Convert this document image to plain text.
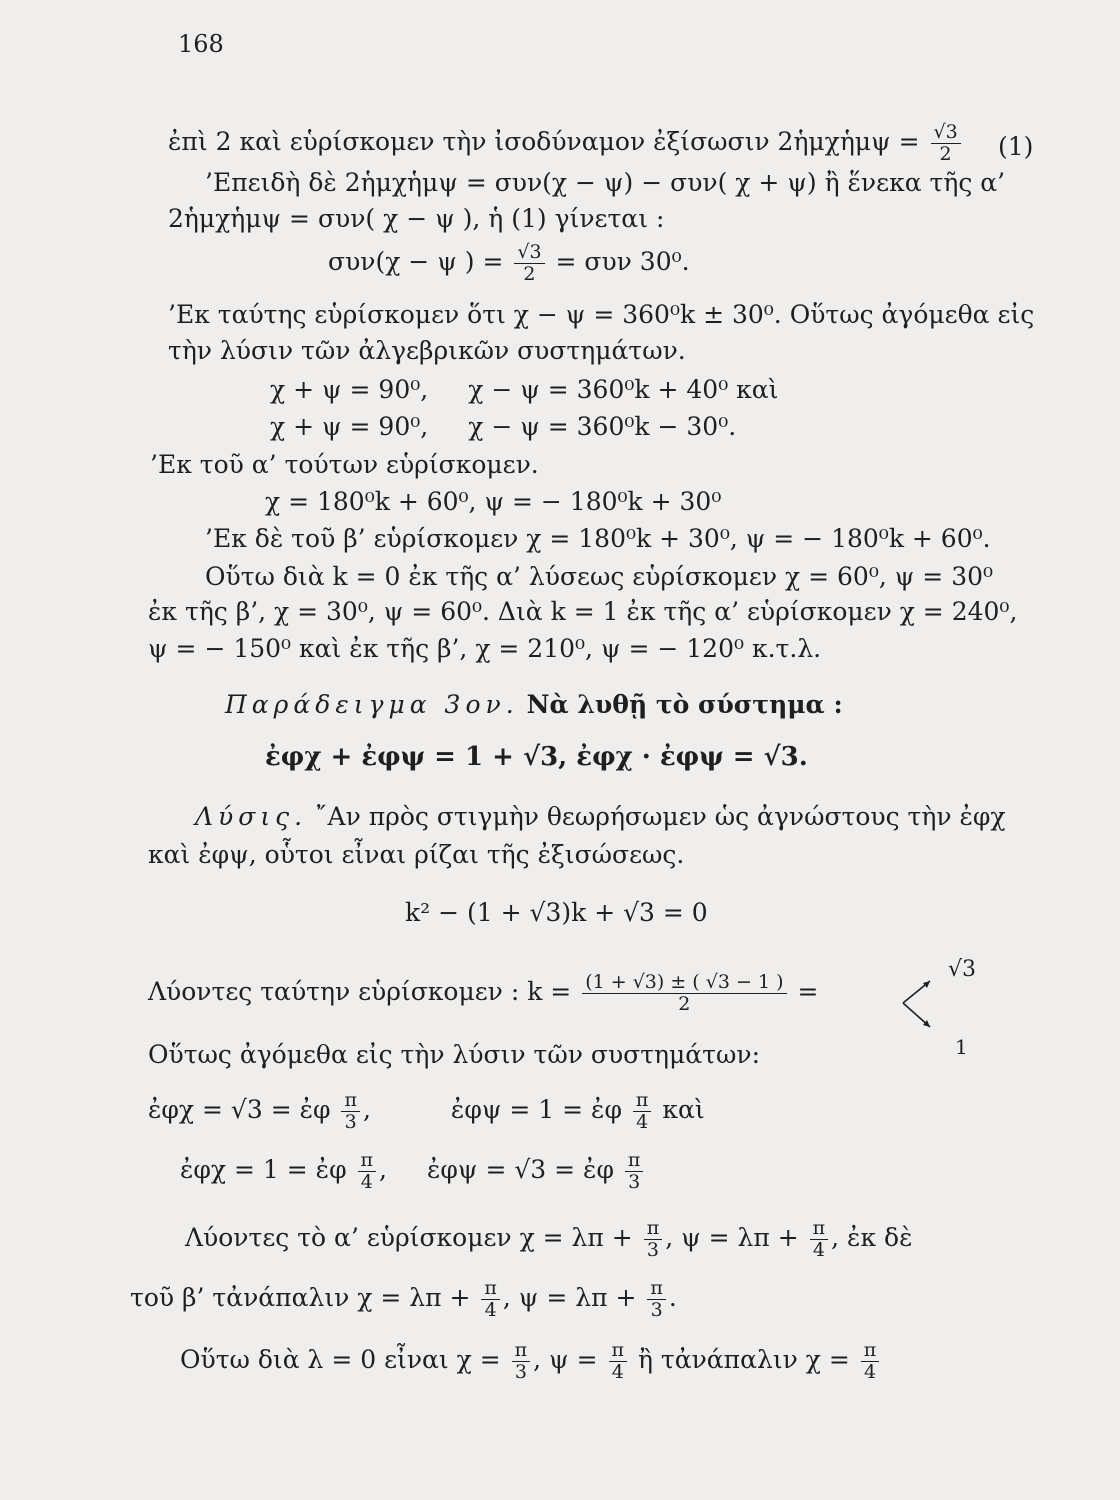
168
ἐπὶ 2 καὶ εὑρίσκομεν τὴν ἰσοδύναμον ἐξίσωσιν 2ἡμχἡμψ = $\frac{√3}{2} (1)$
’Επειδὴ δὲ 2ἡμχἡμψ = συν(χ − ψ) − συν( χ + ψ) ἢ ἕνεκα τῆς α’
2ἡμχἡμψ = συν( χ − ψ ), ἡ (1) γίνεται :
συν(χ − ψ ) = $\frac{√3}{2} = \sigma\upsilon\nu$ 30⁰.
’Εκ ταύτης εὑρίσκομεν ὅτι χ − ψ = 360⁰k ± 30⁰. Οὕτως ἀγόμεθα εἰς
τὴν λύσιν τῶν ἀλγεβρικῶν συστημάτων.
χ + ψ = 90⁰, χ − ψ = 360⁰k + 40⁰ καὶ
χ + ψ = 90⁰, χ − ψ = 360⁰k − 30⁰.
’Εκ τοῦ α’ τούτων εὑρίσκομεν.
χ = 180⁰k + 60⁰, ψ = − 180⁰k + 30⁰
’Εκ δὲ τοῦ β’ εὑρίσκομεν χ = 180⁰k + 30⁰, ψ = − 180⁰k + 60⁰.
Οὕτω διὰ k = 0 ἐκ τῆς α’ λύσεως εὑρίσκομεν χ = 60⁰, ψ = 30⁰
ἐκ τῆς β’, χ = 30⁰, ψ = 60⁰. Διὰ k = 1 ἐκ τῆς α’ εὑρίσκομεν χ = 240⁰,
ψ = − 150⁰ καὶ ἐκ τῆς β’, χ = 210⁰, ψ = − 120⁰ κ.τ.λ.
Παράδειγμα 3ον. Νὰ λυθῇ τὸ σύστημα :
ἐφχ + ἐφψ = 1 + √3, ἐφχ · ἐφψ = √3.
Λύσις. ῎Αν πρὸς στιγμὴν θεωρήσωμεν ὡς ἀγνώστους τὴν ἐφχ
καὶ ἐφψ, οὗτοι εἶναι ρίζαι τῆς ἐξισώσεως.
k² − (1 + √3)k + √3 = 0
Λύοντες ταύτην εὑρίσκομεν : $k = \frac{(1 + √3) \pm ( √3 - 1 )}{2}$ =
√3
1
Οὕτως ἀγόμεθα εἰς τὴν λύσιν τῶν συστημάτων:
ἐφχ = √3 = ἐφ $\frac{\pi}{3}$ ,	ἐφψ = 1 = ἐφ $\frac{\pi}{4}$ καὶ
ἐφχ = 1 = ἐφ $\frac{\pi}{4}$ , ἐφψ = √3 = ἐφ $\frac{\pi}{3}$
Λύοντες τὸ α’ εὑρίσκομεν $\chi = \lambda\pi + \frac{\pi}{3}$ , $\psi = \lambda\pi + \frac{\pi}{4}$ , ἐκ δὲ
τοῦ β’ τἀνάπαλιν $\chi = \lambda\pi + \frac{\pi}{4}$ , $\psi = \lambda\pi + \frac{\pi}{3}$ .
Οὕτω διὰ λ = 0 εἶναι $\chi = \frac{\pi}{3}$ , $\psi = \frac{\pi}{4}$ ἢ τἀνάπαλιν $\chi = \frac{\pi}{4}$
